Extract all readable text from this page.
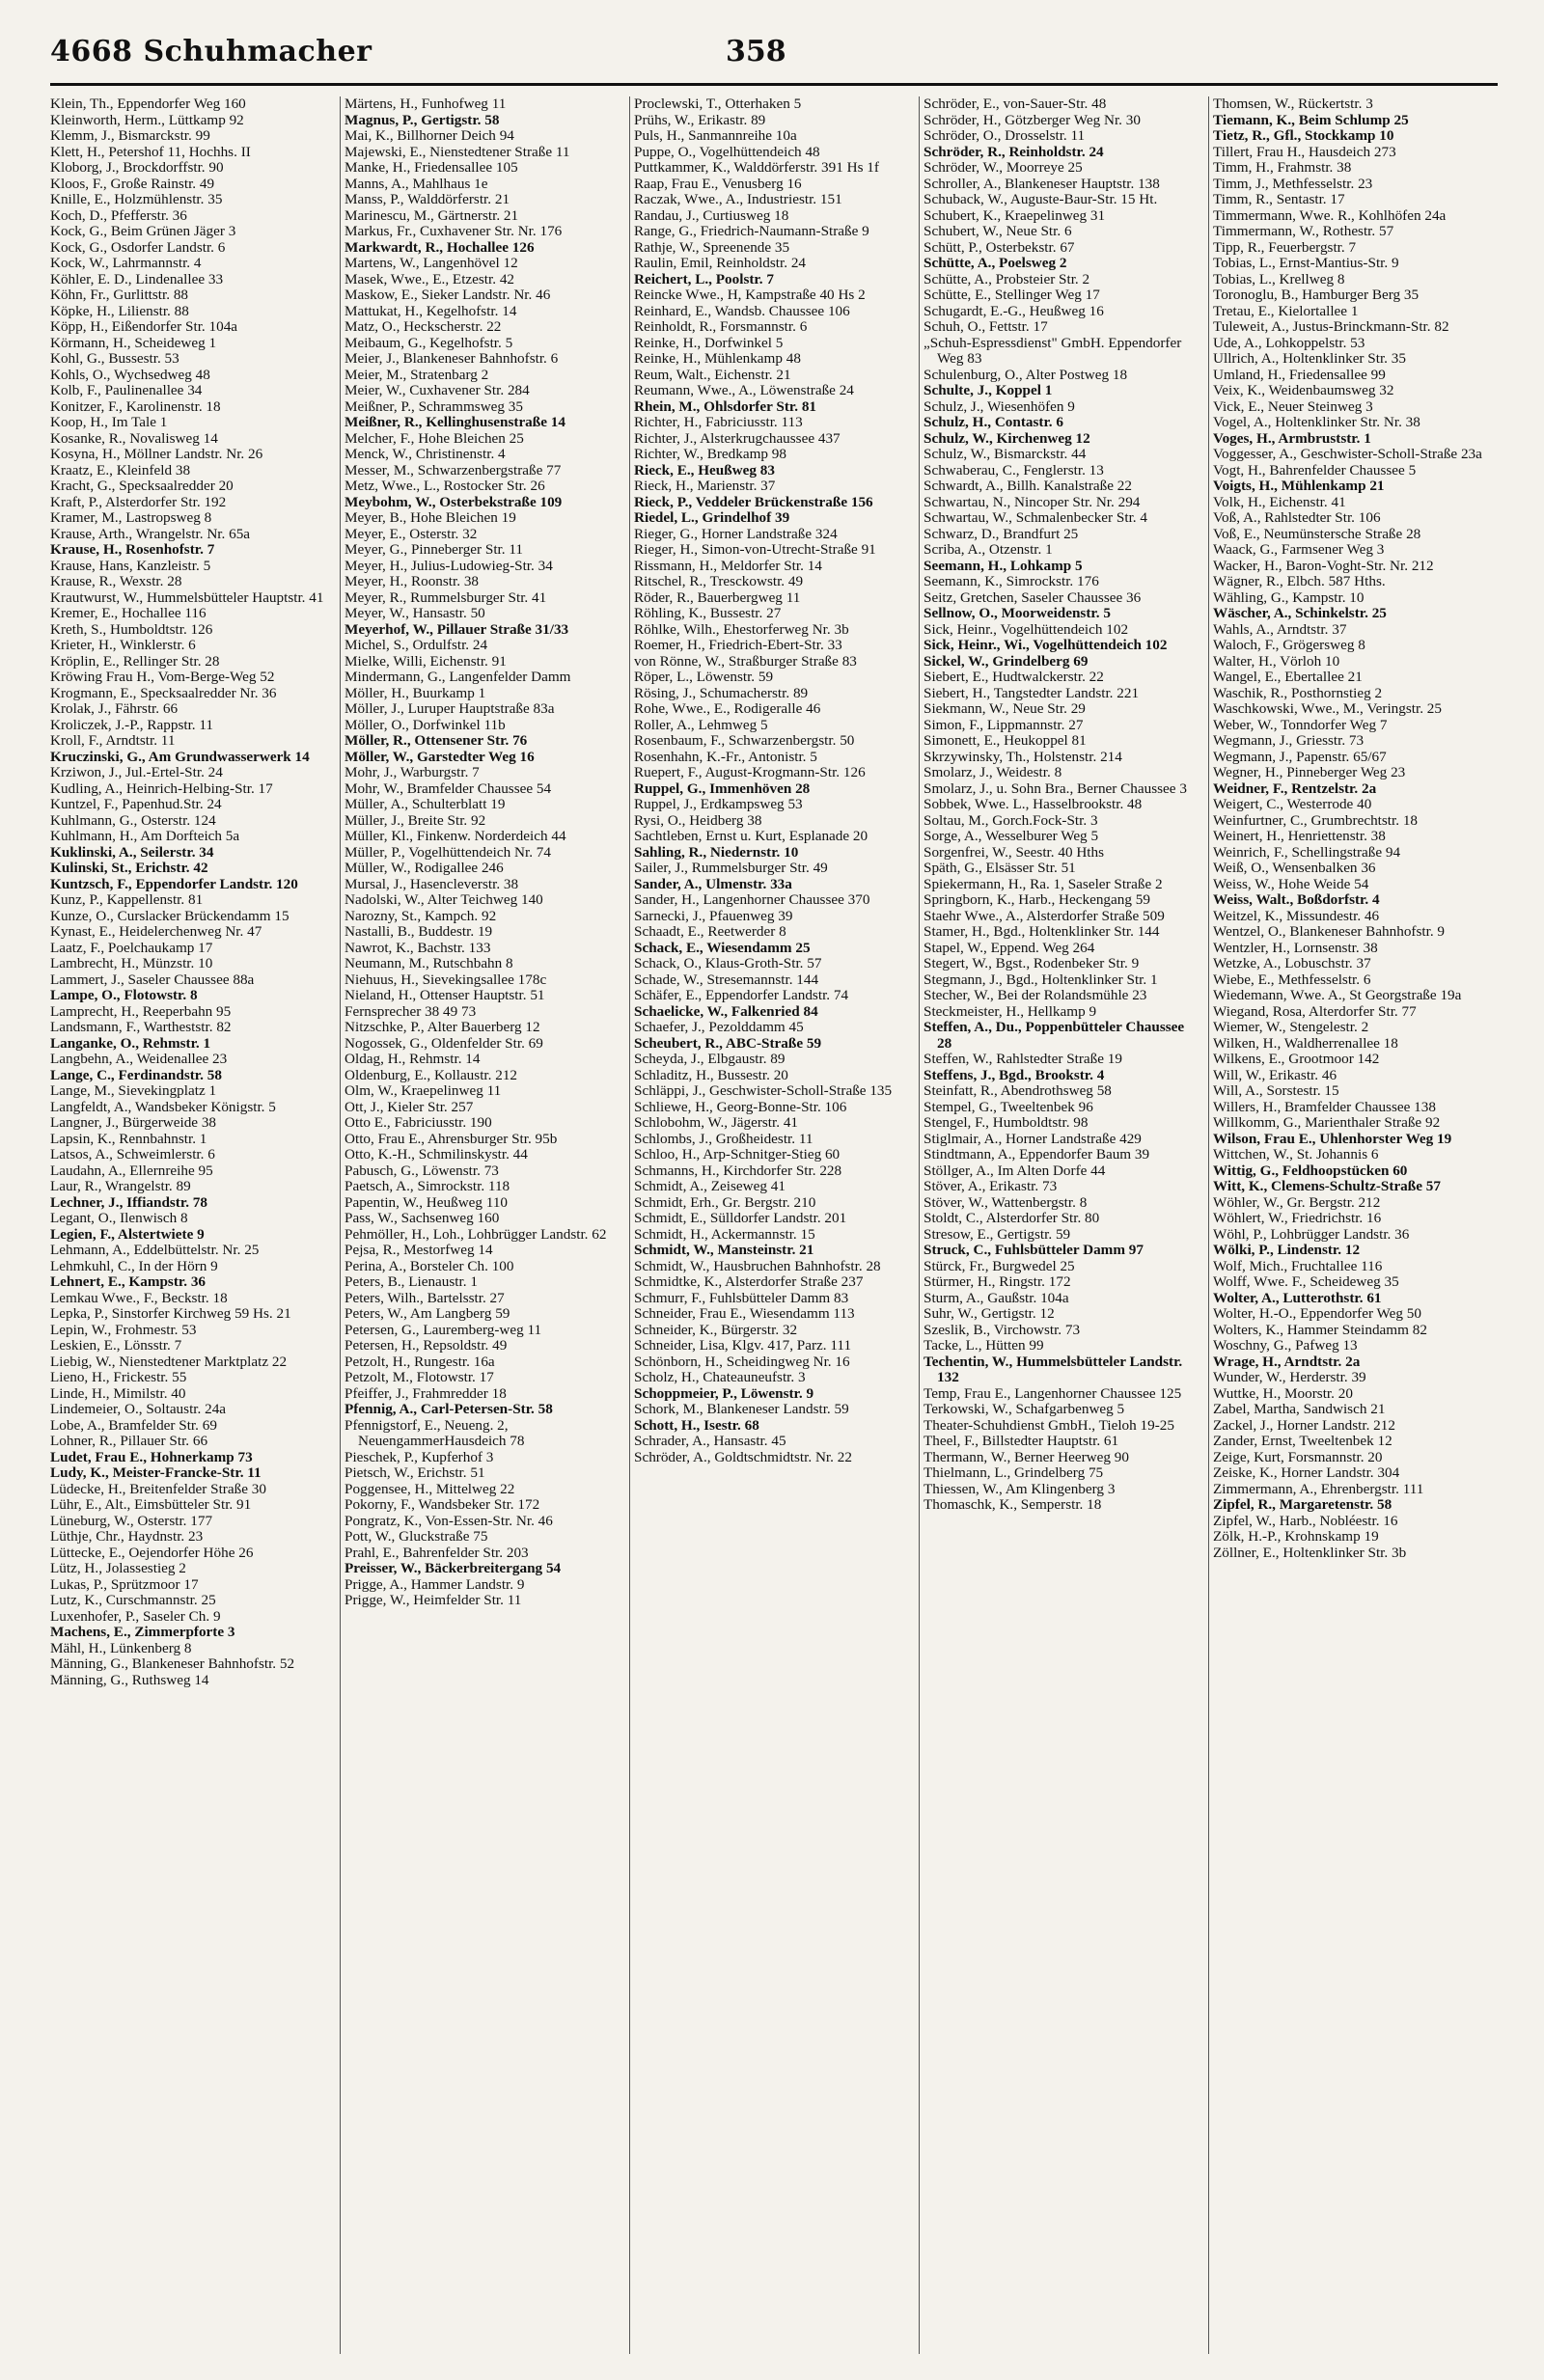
4668 Schuhmacher	358
Klein, Th., Eppendorfer Weg 160
Kleinworth, Herm., Lüttkamp 92
Klemm, J., Bismarckstr. 99
Klett, H., Petershof 11, Hochhs. II
Kloborg, J., Brockdorffstr. 90
Kloos, F., Große Rainstr. 49
Knille, E., Holzmühlenstr. 35
Koch, D., Pfefferstr. 36
Kock, G., Beim Grünen Jäger 3
Kock, G., Osdorfer Landstr. 6
Kock, W., Lahrmannstr. 4
Köhler, E. D., Lindenallee 33
Köhn, Fr., Gurlittstr. 88
Köpke, H., Lilienstr. 88
Köpp, H., Eißendorfer Str. 104a
Körmann, H., Scheideweg 1
Kohl, G., Bussestr. 53
Kohls, O., Wychsedweg 48
Kolb, F., Paulinenallee 34
Konitzer, F., Karolinenstr. 18
Koop, H., Im Tale 1
Kosanke, R., Novalisweg 14
Kosyna, H., Möllner Landstr. Nr. 26
Kraatz, E., Kleinfeld 38
Kracht, G., Specksaalredder 20
Kraft, P., Alsterdorfer Str. 192
Kramer, M., Lastropsweg 8
Krause, Arth., Wrangelstr. Nr. 65a
Krause, H., Rosenhofstr. 7
Krause, Hans, Kanzleistr. 5
Krause, R., Wexstr. 28
Krautwurst, W., Hummelsbütteler Hauptstr. 41
Kremer, E., Hochallee 116
Kreth, S., Humboldtstr. 126
Krieter, H., Winklerstr. 6
Kröplin, E., Rellinger Str. 28
Kröwing Frau H., Vom-Berge-Weg 52
Krogmann, E., Specksaalredder Nr. 36
Krolak, J., Fährstr. 66
Kroliczek, J.-P., Rappstr. 11
Kroll, F., Arndtstr. 11
Kruczinski, G., Am Grundwasserwerk 14
Krziwon, J., Jul.-Ertel-Str. 24
Kudling, A., Heinrich-Helbing-Str. 17
Kuntzel, F., Papenhud.Str. 24
Kuhlmann, G., Osterstr. 124
Kuhlmann, H., Am Dorfteich 5a
Kuklinski, A., Seilerstr. 34
Kulinski, St., Erichstr. 42
Kuntzsch, F., Eppendorfer Landstr. 120
Kunz, P., Kappellenstr. 81
Kunze, O., Curslacker Brückendamm 15
Kynast, E., Heidelerchenweg Nr. 47
Laatz, F., Poelchaukamp 17
Lambrecht, H., Münzstr. 10
Lammert, J., Saseler Chaussee 88a
Lampe, O., Flotowstr. 8
Lamprecht, H., Reeperbahn 95
Landsmann, F., Wartheststr. 82
Langanke, O., Rehmstr. 1
Langbehn, A., Weidenallee 23
Lange, C., Ferdinandstr. 58
Lange, M., Sievekingplatz 1
Langfeldt, A., Wandsbeker Königstr. 5
Langner, J., Bürgerweide 38
Lapsin, K., Rennbahnstr. 1
Latsos, A., Schweimlerstr. 6
Laudahn, A., Ellernreihe 95
Laur, R., Wrangelstr. 89
Lechner, J., Iffiandstr. 78
Legant, O., Ilenwisch 8
Legien, F., Alstertwiete 9
Lehmann, A., Eddelbüttelstr. Nr. 25
Lehmkuhl, C., In der Hörn 9
Lehnert, E., Kampstr. 36
Lemkau Wwe., F., Beckstr. 18
Lepka, P., Sinstorfer Kirchweg 59 Hs. 21
Lepin, W., Frohmestr. 53
Leskien, E., Lönsstr. 7
Liebig, W., Nienstedtener Marktplatz 22
Lieno, H., Frickestr. 55
Linde, H., Mimilstr. 40
Lindemeier, O., Soltaustr. 24a
Lobe, A., Bramfelder Str. 69
Lohner, R., Pillauer Str. 66
Ludet, Frau E., Hohnerkamp 73
Ludy, K., Meister-Francke-Str. 11
Lüdecke, H., Breitenfelder Straße 30
Lühr, E., Alt., Eimsbütteler Str. 91
Lüneburg, W., Osterstr. 177
Lüthje, Chr., Haydnstr. 23
Lüttecke, E., Oejendorfer Höhe 26
Lütz, H., Jolassestieg 2
Lukas, P., Sprützmoor 17
Lutz, K., Curschmannstr. 25
Luxenhofer, P., Saseler Ch. 9
Machens, E., Zimmerpforte 3
Mähl, H., Lünkenberg 8
Männing, G., Blankeneser Bahnhofstr. 52
Männing, G., Ruthsweg 14
Märtens, H., Funhofweg 11
Magnus, P., Gertigstr. 58
Mai, K., Billhorner Deich 94
Majewski, E., Nienstedtener Straße 11
Manke, H., Friedensallee 105
Manns, A., Mahlhaus 1e
Manss, P., Walddörferstr. 21
Marinescu, M., Gärtnerstr. 21
Markus, Fr., Cuxhavener Str. Nr. 176
Markwardt, R., Hochallee 126
Martens, W., Langenhövel 12
Masek, Wwe., E., Etzestr. 42
Maskow, E., Sieker Landstr. Nr. 46
Mattukat, H., Kegelhofstr. 14
Matz, O., Heckscherstr. 22
Meibaum, G., Kegelhofstr. 5
Meier, J., Blankeneser Bahnhofstr. 6
Meier, M., Stratenbarg 2
Meier, W., Cuxhavener Str. 284
Meißner, P., Schrammsweg 35
Meißner, R., Kellinghusenstraße 14
Melcher, F., Hohe Bleichen 25
Menck, W., Christinenstr. 4
Messer, M., Schwarzenbergstraße 77
Metz, Wwe., L., Rostocker Str. 26
Meybohm, W., Osterbekstraße 109
Meyer, B., Hohe Bleichen 19
Meyer, E., Osterstr. 32
Meyer, G., Pinneberger Str. 11
Meyer, H., Julius-Ludowieg-Str. 34
Meyer, H., Roonstr. 38
Meyer, R., Rummelsburger Str. 41
Meyer, W., Hansastr. 50
Meyerhof, W., Pillauer Straße 31/33
Michel, S., Ordulfstr. 24
Mielke, Willi, Eichenstr. 91
Mindermann, G., Langenfelder Damm
Möller, H., Buurkamp 1
Möller, J., Luruper Hauptstraße 83a
Möller, O., Dorfwinkel 11b
Möller, R., Ottensener Str. 76
Möller, W., Garstedter Weg 16
Mohr, J., Warburgstr. 7
Mohr, W., Bramfelder Chaussee 54
Müller, A., Schulterblatt 19
Müller, J., Breite Str. 92
Müller, Kl., Finkenw. Norderdeich 44
Müller, P., Vogelhüttendeich Nr. 74
Müller, W., Rodigallee 246
Mursal, J., Hasencleverstr. 38
Nadolski, W., Alter Teichweg 140
Narozny, St., Kampch. 92
Nastalli, B., Buddestr. 19
Nawrot, K., Bachstr. 133
Neumann, M., Rutschbahn 8
Niehuus, H., Sievekingsallee 178c
Nieland, H., Ottenser Hauptstr. 51
Fernsprecher 38 49 73
Nitzschke, P., Alter Bauerberg 12
Nogossek, G., Oldenfelder Str. 69
Oldag, H., Rehmstr. 14
Oldenburg, E., Kollaustr. 212
Olm, W., Kraepelinweg 11
Ott, J., Kieler Str. 257
Otto E., Fabriciusstr. 190
Otto, Frau E., Ahrensburger Str. 95b
Otto, K.-H., Schmilinskystr. 44
Pabusch, G., Löwenstr. 73
Paetsch, A., Simrockstr. 118
Papentin, W., Heußweg 110
Pass, W., Sachsenweg 160
Pehmöller, H., Loh., Lohbrügger Landstr. 62
Pejsa, R., Mestorfweg 14
Perina, A., Borsteler Ch. 100
Peters, B., Lienaustr. 1
Peters, Wilh., Bartelsstr. 27
Peters, W., Am Langberg 59
Petersen, G., Lauremberg-weg 11
Petersen, H., Repsoldstr. 49
Petzolt, H., Rungestr. 16a
Petzolt, M., Flotowstr. 17
Pfeiffer, J., Frahmredder 18
Pfennig, A., Carl-Petersen-Str. 58
Pfennigstorf, E., Neueng. 2, NeuengammerHausdeich 78
Pieschek, P., Kupferhof 3
Pietsch, W., Erichstr. 51
Poggensee, H., Mittelweg 22
Pokorny, F., Wandsbeker Str. 172
Pongratz, K., Von-Essen-Str. Nr. 46
Pott, W., Gluckstraße 75
Prahl, E., Bahrenfelder Str. 203
Preisser, W., Bäckerbreitergang 54
Prigge, A., Hammer Landstr. 9
Prigge, W., Heimfelder Str. 11
Proclewski, T., Otterhaken 5
Prühs, W., Erikastr. 89
Puls, H., Sanmannreihe 10a
Puppe, O., Vogelhüttendeich 48
Puttkammer, K., Walddörferstr. 391 Hs 1f
Raap, Frau E., Venusberg 16
Raczak, Wwe., A., Industriestr. 151
Randau, J., Curtiusweg 18
Range, G., Friedrich-Naumann-Straße 9
Rathje, W., Spreenende 35
Raulin, Emil, Reinholdstr. 24
Reichert, L., Poolstr. 7
Reincke Wwe., H, Kampstraße 40 Hs 2
Reinhard, E., Wandsb. Chaussee 106
Reinholdt, R., Forsmannstr. 6
Reinke, H., Dorfwinkel 5
Reinke, H., Mühlenkamp 48
Reum, Walt., Eichenstr. 21
Reumann, Wwe., A., Löwenstraße 24
Rhein, M., Ohlsdorfer Str. 81
Richter, H., Fabriciusstr. 113
Richter, J., Alsterkrugchaussee 437
Richter, W., Bredkamp 98
Rieck, E., Heußweg 83
Rieck, H., Marienstr. 37
Rieck, P., Veddeler Brückenstraße 156
Riedel, L., Grindelhof 39
Rieger, G., Horner Landstraße 324
Rieger, H., Simon-von-Utrecht-Straße 91
Rissmann, H., Meldorfer Str. 14
Ritschel, R., Tresckowstr. 49
Röder, R., Bauerbergweg 11
Röhling, K., Bussestr. 27
Röhlke, Wilh., Ehestorferweg Nr. 3b
Roemer, H., Friedrich-Ebert-Str. 33
von Rönne, W., Straßburger Straße 83
Röper, L., Löwenstr. 59
Rösing, J., Schumacherstr. 89
Rohe, Wwe., E., Rodigeralle 46
Roller, A., Lehmweg 5
Rosenbaum, F., Schwarzenbergstr. 50
Rosenhahn, K.-Fr., Antonistr. 5
Ruepert, F., August-Krogmann-Str. 126
Ruppel, G., Immenhöven 28
Ruppel, J., Erdkampsweg 53
Rysi, O., Heidberg 38
Sachtleben, Ernst u. Kurt, Esplanade 20
Sahling, R., Niedernstr. 10
Sailer, J., Rummelsburger Str. 49
Sander, A., Ulmenstr. 33a
Sander, H., Langenhorner Chaussee 370
Sarnecki, J., Pfauenweg 39
Schaadt, E., Reetwerder 8
Schack, E., Wiesendamm 25
Schack, O., Klaus-Groth-Str. 57
Schade, W., Stresemannstr. 144
Schäfer, E., Eppendorfer Landstr. 74
Schaelicke, W., Falkenried 84
Schaefer, J., Pezolddamm 45
Scheubert, R., ABC-Straße 59
Scheyda, J., Elbgaustr. 89
Schladitz, H., Bussestr. 20
Schläppi, J., Geschwister-Scholl-Straße 135
Schliewe, H., Georg-Bonne-Str. 106
Schlobohm, W., Jägerstr. 41
Schlombs, J., Großheidestr. 11
Schloo, H., Arp-Schnitger-Stieg 60
Schmanns, H., Kirchdorfer Str. 228
Schmidt, A., Zeiseweg 41
Schmidt, Erh., Gr. Bergstr. 210
Schmidt, E., Sülldorfer Landstr. 201
Schmidt, H., Ackermannstr. 15
Schmidt, W., Mansteinstr. 21
Schmidt, W., Hausbruchen Bahnhofstr. 28
Schmidtke, K., Alsterdorfer Straße 237
Schmurr, F., Fuhlsbütteler Damm 83
Schneider, Frau E., Wiesendamm 113
Schneider, K., Bürgerstr. 32
Schneider, Lisa, Klgv. 417, Parz. 111
Schönborn, H., Scheidingweg Nr. 16
Scholz, H., Chateauneufstr. 3
Schoppmeier, P., Löwenstr. 9
Schork, M., Blankeneser Landstr. 59
Schott, H., Isestr. 68
Schrader, A., Hansastr. 45
Schröder, A., Goldtschmidtstr. Nr. 22
Schröder, E., von-Sauer-Str. 48
Schröder, H., Götzberger Weg Nr. 30
Schröder, O., Drosselstr. 11
Schröder, R., Reinholdstr. 24
Schröder, W., Moorreye 25
Schroller, A., Blankeneser Hauptstr. 138
Schuback, W., Auguste-Baur-Str. 15 Ht.
Schubert, K., Kraepelinweg 31
Schubert, W., Neue Str. 6
Schütt, P., Osterbekstr. 67
Schütte, A., Poelsweg 2
Schütte, A., Probsteier Str. 2
Schütte, E., Stellinger Weg 17
Schugardt, E.-G., Heußweg 16
Schuh, O., Fettstr. 17
„Schuh-Espressdienst" GmbH. Eppendorfer Weg 83
Schulenburg, O., Alter Postweg 18
Schulte, J., Koppel 1
Schulz, J., Wiesenhöfen 9
Schulz, H., Contastr. 6
Schulz, W., Kirchenweg 12
Schulz, W., Bismarckstr. 44
Schwaberau, C., Fenglerstr. 13
Schwardt, A., Billh. Kanalstraße 22
Schwartau, N., Nincoper Str. Nr. 294
Schwartau, W., Schmalenbecker Str. 4
Schwarz, D., Brandfurt 25
Scriba, A., Otzenstr. 1
Seemann, H., Lohkamp 5
Seemann, K., Simrockstr. 176
Seitz, Gretchen, Saseler Chaussee 36
Sellnow, O., Moorweidenstr. 5
Sick, Heinr., Vogelhüttendeich 102
Sick, Heinr., Wi., Vogelhüttendeich 102
Sickel, W., Grindelberg 69
Siebert, E., Hudtwalckerstr. 22
Siebert, H., Tangstedter Landstr. 221
Siekmann, W., Neue Str. 29
Simon, F., Lippmannstr. 27
Simonett, E., Heukoppel 81
Skrzywinsky, Th., Holstenstr. 214
Smolarz, J., Weidestr. 8
Smolarz, J., u. Sohn Bra., Berner Chaussee 3
Sobbek, Wwe. L., Hasselbrookstr. 48
Soltau, M., Gorch.Fock-Str. 3
Sorge, A., Wesselburer Weg 5
Sorgenfrei, W., Seestr. 40 Hths
Späth, G., Elsässer Str. 51
Spiekermann, H., Ra. 1, Saseler Straße 2
Springborn, K., Harb., Heckengang 59
Staehr Wwe., A., Alsterdorfer Straße 509
Stamer, H., Bgd., Holtenklinker Str. 144
Stapel, W., Eppend. Weg 264
Stegert, W., Bgst., Rodenbeker Str. 9
Stegmann, J., Bgd., Holtenklinker Str. 1
Stecher, W., Bei der Rolandsmühle 23
Steckmeister, H., Hellkamp 9
Steffen, A., Du., Poppenbütteler Chaussee 28
Steffen, W., Rahlstedter Straße 19
Steffens, J., Bgd., Brookstr. 4
Steinfatt, R., Abendrothsweg 58
Stempel, G., Tweeltenbek 96
Stengel, F., Humboldtstr. 98
Stiglmair, A., Horner Landstraße 429
Stindtmann, A., Eppendorfer Baum 39
Stöllger, A., Im Alten Dorfe 44
Stöver, A., Erikastr. 73
Stöver, W., Wattenbergstr. 8
Stoldt, C., Alsterdorfer Str. 80
Stresow, E., Gertigstr. 59
Struck, C., Fuhlsbütteler Damm 97
Stürck, Fr., Burgwedel 25
Stürmer, H., Ringstr. 172
Sturm, A., Gaußstr. 104a
Suhr, W., Gertigstr. 12
Szeslik, B., Virchowstr. 73
Tacke, L., Hütten 99
Techentin, W., Hummelsbütteler Landstr. 132
Temp, Frau E., Langenhorner Chaussee 125
Terkowski, W., Schafgarbenweg 5
Theater-Schuhdienst GmbH., Tieloh 19-25
Theel, F., Billstedter Hauptstr. 61
Thermann, W., Berner Heerweg 90
Thielmann, L., Grindelberg 75
Thiessen, W., Am Klingenberg 3
Thomaschk, K., Semperstr. 18
Thomsen, W., Rückertstr. 3
Tiemann, K., Beim Schlump 25
Tietz, R., Gfl., Stockkamp 10
Tillert, Frau H., Hausdeich 273
Timm, H., Frahmstr. 38
Timm, J., Methfesselstr. 23
Timm, R., Sentastr. 17
Timmermann, Wwe. R., Kohlhöfen 24a
Timmermann, W., Rothestr. 57
Tipp, R., Feuerbergstr. 7
Tobias, L., Ernst-Mantius-Str. 9
Tobias, L., Krellweg 8
Toronoglu, B., Hamburger Berg 35
Tretau, E., Kielortallee 1
Tuleweit, A., Justus-Brinckmann-Str. 82
Ude, A., Lohkoppelstr. 53
Ullrich, A., Holtenklinker Str. 35
Umland, H., Friedensallee 99
Veix, K., Weidenbaumsweg 32
Vick, E., Neuer Steinweg 3
Vogel, A., Holtenklinker Str. Nr. 38
Voges, H., Armbruststr. 1
Voggesser, A., Geschwister-Scholl-Straße 23a
Vogt, H., Bahrenfelder Chaussee 5
Voigts, H., Mühlenkamp 21
Volk, H., Eichenstr. 41
Voß, A., Rahlstedter Str. 106
Voß, E., Neumünstersche Straße 28
Waack, G., Farmsener Weg 3
Wacker, H., Baron-Voght-Str. Nr. 212
Wägner, R., Elbch. 587 Hths.
Wähling, G., Kampstr. 10
Wäscher, A., Schinkelstr. 25
Wahls, A., Arndtstr. 37
Waloch, F., Grögersweg 8
Walter, H., Vörloh 10
Wangel, E., Ebertallee 21
Waschik, R., Posthornstieg 2
Waschkowski, Wwe., M., Veringstr. 25
Weber, W., Tonndorfer Weg 7
Wegmann, J., Griesstr. 73
Wegmann, J., Papenstr. 65/67
Wegner, H., Pinneberger Weg 23
Weidner, F., Rentzelstr. 2a
Weigert, C., Westerrode 40
Weinfurtner, C., Grumbrechtstr. 18
Weinert, H., Henriettenstr. 38
Weinrich, F., Schellingstraße 94
Weiß, O., Wensenbalken 36
Weiss, W., Hohe Weide 54
Weiss, Walt., Boßdorfstr. 4
Weitzel, K., Missundestr. 46
Wentzel, O., Blankeneser Bahnhofstr. 9
Wentzler, H., Lornsenstr. 38
Wetzke, A., Lobuschstr. 37
Wiebe, E., Methfesselstr. 6
Wiedemann, Wwe. A., St Georgstraße 19a
Wiegand, Rosa, Alterdorfer Str. 77
Wiemer, W., Stengelestr. 2
Wilken, H., Waldherrenallee 18
Wilkens, E., Grootmoor 142
Will, W., Erikastr. 46
Will, A., Sorstestr. 15
Willers, H., Bramfelder Chaussee 138
Willkomm, G., Marienthaler Straße 92
Wilson, Frau E., Uhlenhorster Weg 19
Wittchen, W., St. Johannis 6
Wittig, G., Feldhoopstücken 60
Witt, K., Clemens-Schultz-Straße 57
Wöhler, W., Gr. Bergstr. 212
Wöhlert, W., Friedrichstr. 16
Wöhl, P., Lohbrügger Landstr. 36
Wölki, P., Lindenstr. 12
Wolf, Mich., Fruchtallee 116
Wolff, Wwe. F., Scheideweg 35
Wolter, A., Lutterothstr. 61
Wolter, H.-O., Eppendorfer Weg 50
Wolters, K., Hammer Steindamm 82
Woschny, G., Pafweg 13
Wrage, H., Arndtstr. 2a
Wunder, W., Herderstr. 39
Wuttke, H., Moorstr. 20
Zabel, Martha, Sandwisch 21
Zackel, J., Horner Landstr. 212
Zander, Ernst, Tweeltenbek 12
Zeige, Kurt, Forsmannstr. 20
Zeiske, K., Horner Landstr. 304
Zimmermann, A., Ehrenbergstr. 111
Zipfel, R., Margaretenstr. 58
Zipfel, W., Harb., Nobléestr. 16
Zölk, H.-P., Krohnskamp 19
Zöllner, E., Holtenklinker Str. 3b
